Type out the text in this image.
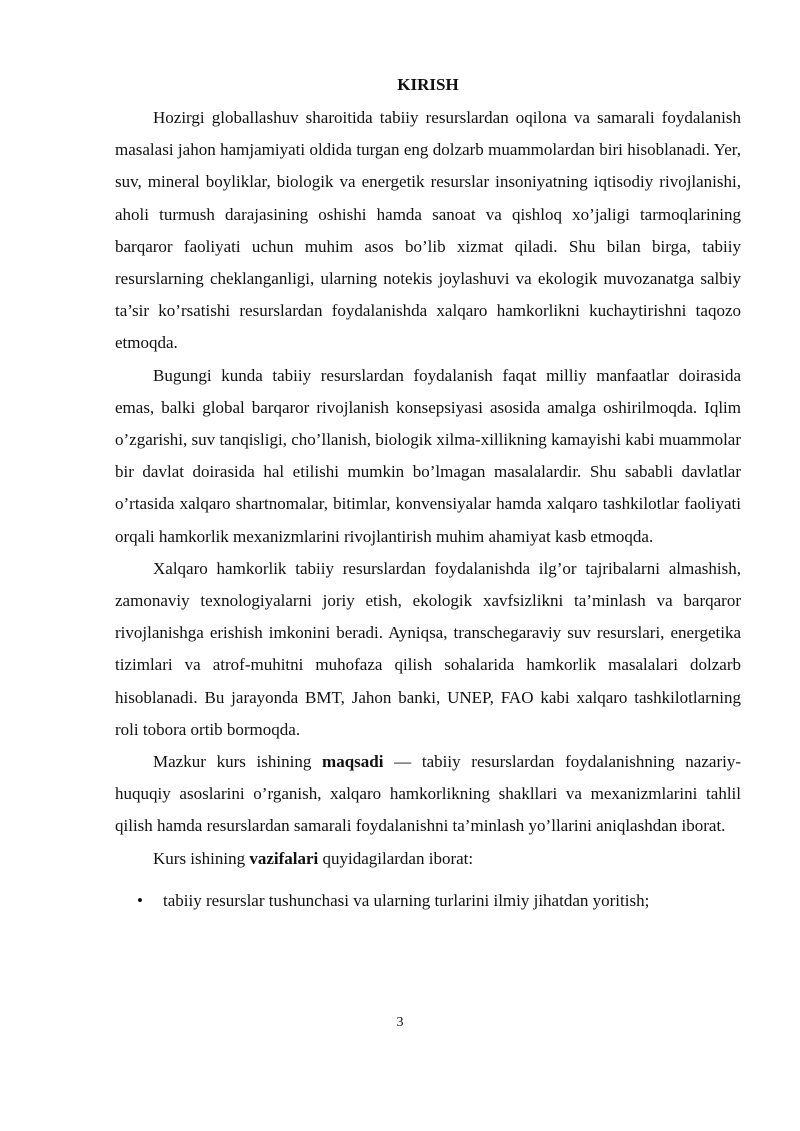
KIRISH

Hozirgi globallashuv sharoitida tabiiy resurslardan oqilona va samarali foydalanish masalasi jahon hamjamiyati oldida turgan eng dolzarb muammolardan biri hisoblanadi. Yer, suv, mineral boyliklar, biologik va energetik resurslar insoniyatning iqtisodiy rivojlanishi, aholi turmush darajasining oshishi hamda sanoat va qishloq xo’jaligi tarmoqlarining barqaror faoliyati uchun muhim asos bo’lib xizmat qiladi. Shu bilan birga, tabiiy resurslarning cheklanganligi, ularning notekis joylashuvi va ekologik muvozanatga salbiy ta’sir ko’rsatishi resurslardan foydalanishda xalqaro hamkorlikni kuchaytirishni taqozo etmoqda.

Bugungi kunda tabiiy resurslardan foydalanish faqat milliy manfaatlar doirasida emas, balki global barqaror rivojlanish konsepsiyasi asosida amalga oshirilmoqda. Iqlim o’zgarishi, suv tanqisligi, cho’llanish, biologik xilma-xillikning kamayishi kabi muammolar bir davlat doirasida hal etilishi mumkin bo’lmagan masalalardir. Shu sababli davlatlar o’rtasida xalqaro shartnomalar, bitimlar, konvensiyalar hamda xalqaro tashkilotlar faoliyati orqali hamkorlik mexanizmlarini rivojlantirish muhim ahamiyat kasb etmoqda.

Xalqaro hamkorlik tabiiy resurslardan foydalanishda ilg’or tajribalarni almashish, zamonaviy texnologiyalarni joriy etish, ekologik xavfsizlikni ta’minlash va barqaror rivojlanishga erishish imkonini beradi. Ayniqsa, transchegaraviy suv resurslari, energetika tizimlari va atrof-muhitni muhofaza qilish sohalarida hamkorlik masalalari dolzarb hisoblanadi. Bu jarayonda BMT, Jahon banki, UNEP, FAO kabi xalqaro tashkilotlarning roli tobora ortib bormoqda.

Mazkur kurs ishining maqsadi — tabiiy resurslardan foydalanishning nazariy-huquqiy asoslarini o’rganish, xalqaro hamkorlikning shakllari va mexanizmlarini tahlil qilish hamda resurslardan samarali foydalanishni ta’minlash yo’llarini aniqlashdan iborat.

Kurs ishining vazifalari quyidagilardan iborat:

• tabiiy resurslar tushunchasi va ularning turlarini ilmiy jihatdan yoritish;
3
